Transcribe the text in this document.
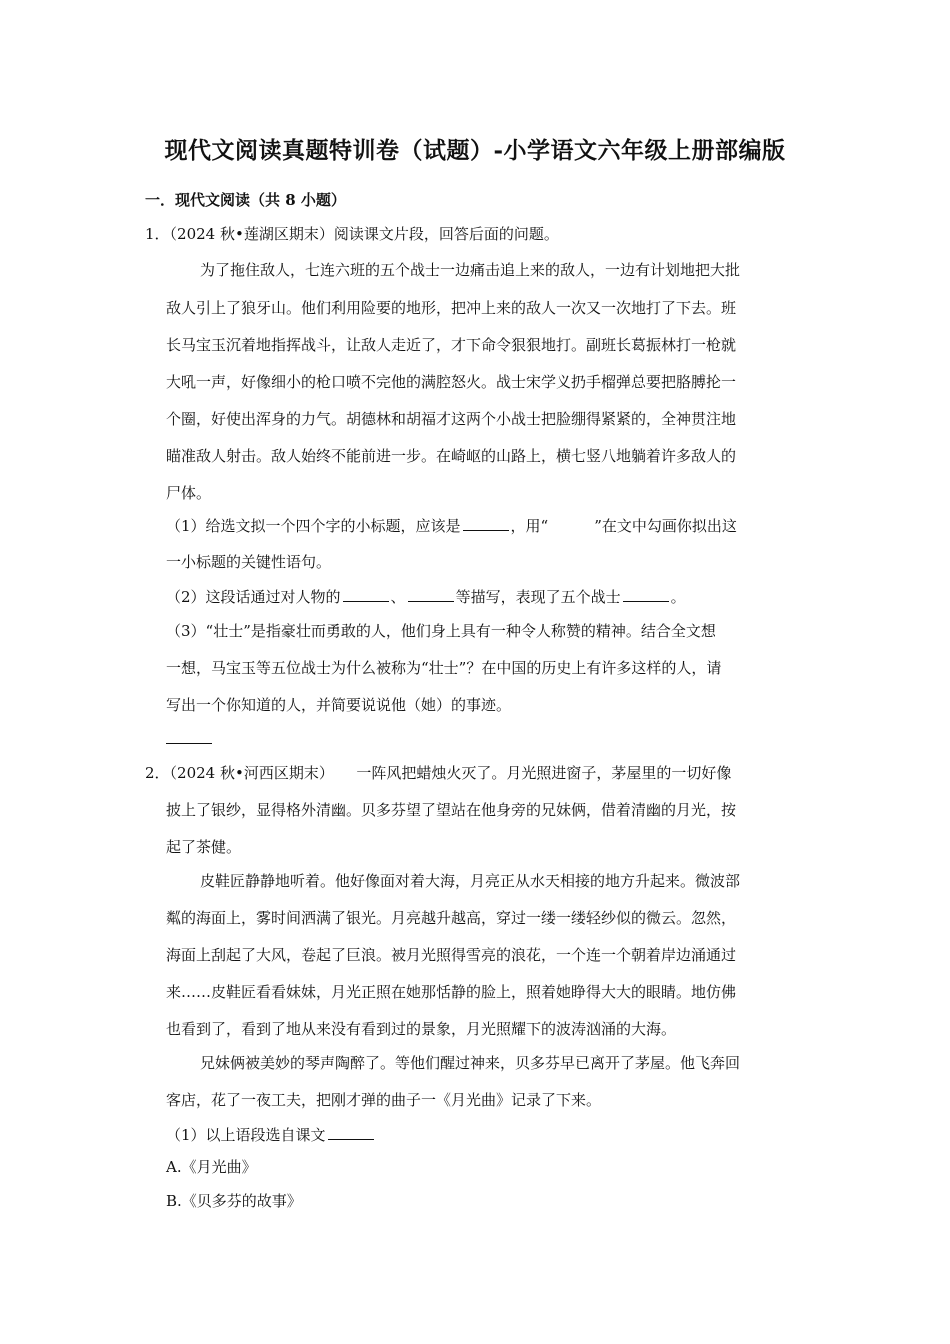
现代文阅读真题特训卷（试题）-小学语文六年级上册部编版
一．现代文阅读（共 8 小题）
1．（2024 秋•莲湖区期末）阅读课文片段，回答后面的问题。
为了拖住敌人，七连六班的五个战士一边痛击追上来的敌人，一边有计划地把大批
敌人引上了狼牙山。他们利用险要的地形，把冲上来的敌人一次又一次地打了下去。班
长马宝玉沉着地指挥战斗，让敌人走近了，才下命令狠狠地打。副班长葛振林打一枪就
大吼一声，好像细小的枪口喷不完他的满腔怒火。战士宋学义扔手榴弹总要把胳膊抡一
个圈，好使出浑身的力气。胡德林和胡福才这两个小战士把脸绷得紧紧的，全神贯注地
瞄准敌人射击。敌人始终不能前进一步。在崎岖的山路上，横七竖八地躺着许多敌人的
尸体。
（1）给选文拟一个四个字的小标题，应该是	，用“	”在文中勾画你拟出这
一小标题的关键性语句。
（2）这段话通过对人物的	、	等描写，表现了五个战士	。
（3）“壮士”是指豪壮而勇敢的人，他们身上具有一种令人称赞的精神。结合全文想
一想，马宝玉等五位战士为什么被称为“壮士”？在中国的历史上有许多这样的人，请
写出一个你知道的人，并简要说说他（她）的事迹。
2．（2024 秋•河西区期末）　　一阵风把蜡烛火灭了。月光照进窗子，茅屋里的一切好像
披上了银纱，显得格外清幽。贝多芬望了望站在他身旁的兄妹俩，借着清幽的月光，按
起了茶健。
皮鞋匠静静地听着。他好像面对着大海，月亮正从水天相接的地方升起来。微波部
粼的海面上，雾时间洒满了银光。月亮越升越高，穿过一缕一缕轻纱似的微云。忽然，
海面上刮起了大风，卷起了巨浪。被月光照得雪亮的浪花，一个连一个朝着岸边涌通过
来……皮鞋匠看看妹妹，月光正照在她那恬静的脸上，照着她睁得大大的眼睛。地仿佛
也看到了，看到了地从来没有看到过的景象，月光照耀下的波涛汹涌的大海。
兄妹俩被美妙的琴声陶醉了。等他们醒过神来，贝多芬早已离开了茅屋。他飞奔回
客店，花了一夜工夫，把刚才弹的曲子一《月光曲》记录了下来。
（1）以上语段选自课文
A.《月光曲》
B.《贝多芬的故事》
